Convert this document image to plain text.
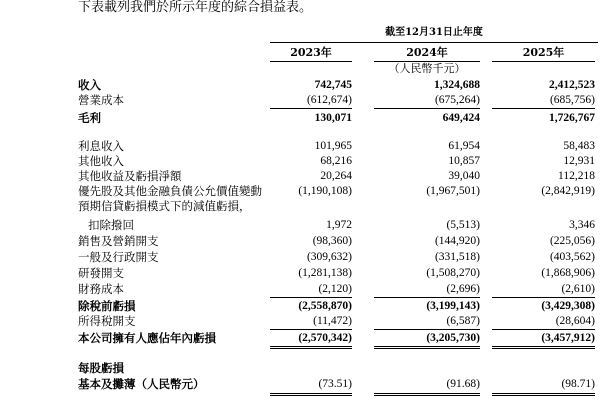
下表載列我們於所示年度的綜合損益表。
截至12月31日止年度
2023年	2024年	2025年
（人民幣千元）
收入	742,745	1,324,688	2,412,523
營業成本	(612,674)	(675,264)	(685,756)
毛利	130,071	649,424	1,726,767
利息收入	101,965	61,954	58,483
其他收入	68,216	10,857	12,931
其他收益及虧損淨額	20,264	39,040	112,218
優先股及其他金融負債公允價值變動	(1,190,108)	(1,967,501)	(2,842,919)
預期信貸虧損模式下的減值虧損，
扣除撥回	1,972	(5,513)	3,346
銷售及營銷開支	(98,360)	(144,920)	(225,056)
一般及行政開支	(309,632)	(331,518)	(403,562)
研發開支	(1,281,138)	(1,508,270)	(1,868,906)
財務成本	(2,120)	(2,696)	(2,610)
除稅前虧損	(2,558,870)	(3,199,143)	(3,429,308)
所得稅開支	(11,472)	(6,587)	(28,604)
本公司擁有人應佔年內虧損	(2,570,342)	(3,205,730)	(3,457,912)
每股虧損
基本及攤薄（人民幣元）	(73.51)	(91.68)	(98.71)
